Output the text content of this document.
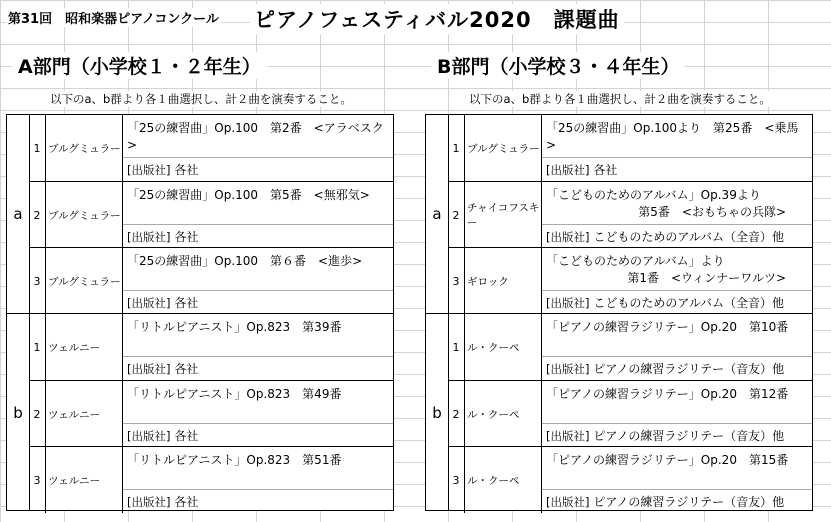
第31回　昭和楽器ピアノコンクール ピアノフェスティバル2020　課題曲
A部門（小学校１・２年生）
以下のa、b群より各１曲選択し、計２曲を演奏すること。
a
1 ブルグミュラー
「25の練習曲」Op.100　第2番　<アラベスク>
[出版社] 各社
2 ブルグミュラー
「25の練習曲」Op.100　第5番　<無邪気>
[出版社] 各社
3 ブルグミュラー
「25の練習曲」Op.100　第６番　<進歩>
[出版社] 各社
b
1 ツェルニー
「リトルピアニスト」Op.823　第39番
[出版社] 各社
2 ツェルニー
「リトルピアニスト」Op.823　第49番
[出版社] 各社
3 ツェルニー
「リトルピアニスト」Op.823　第51番
[出版社] 各社
B部門（小学校３・４年生）
以下のa、b群より各１曲選択し、計２曲を演奏すること。
a
1 ブルグミュラー
「25の練習曲」Op.100より　第25番　<乗馬>
[出版社] 各社
2
チャイコフスキー
「こどものためのアルバム」Op.39より
第5番　<おもちゃの兵隊>
[出版社] こどものためのアルバム（全音）他
3 ギロック
「こどものためのアルバム」より
第1番　<ウィンナーワルツ>
[出版社] こどものためのアルバム（全音）他
b
1 ル・クーペ
「ピアノの練習ラジリテー」Op.20　第10番
[出版社] ピアノの練習ラジリテー（音友）他
2 ル・クーペ
「ピアノの練習ラジリテー」Op.20　第12番
[出版社] ピアノの練習ラジリテー（音友）他
3 ル・クーペ
「ピアノの練習ラジリテー」Op.20　第15番
[出版社] ピアノの練習ラジリテー（音友）他
